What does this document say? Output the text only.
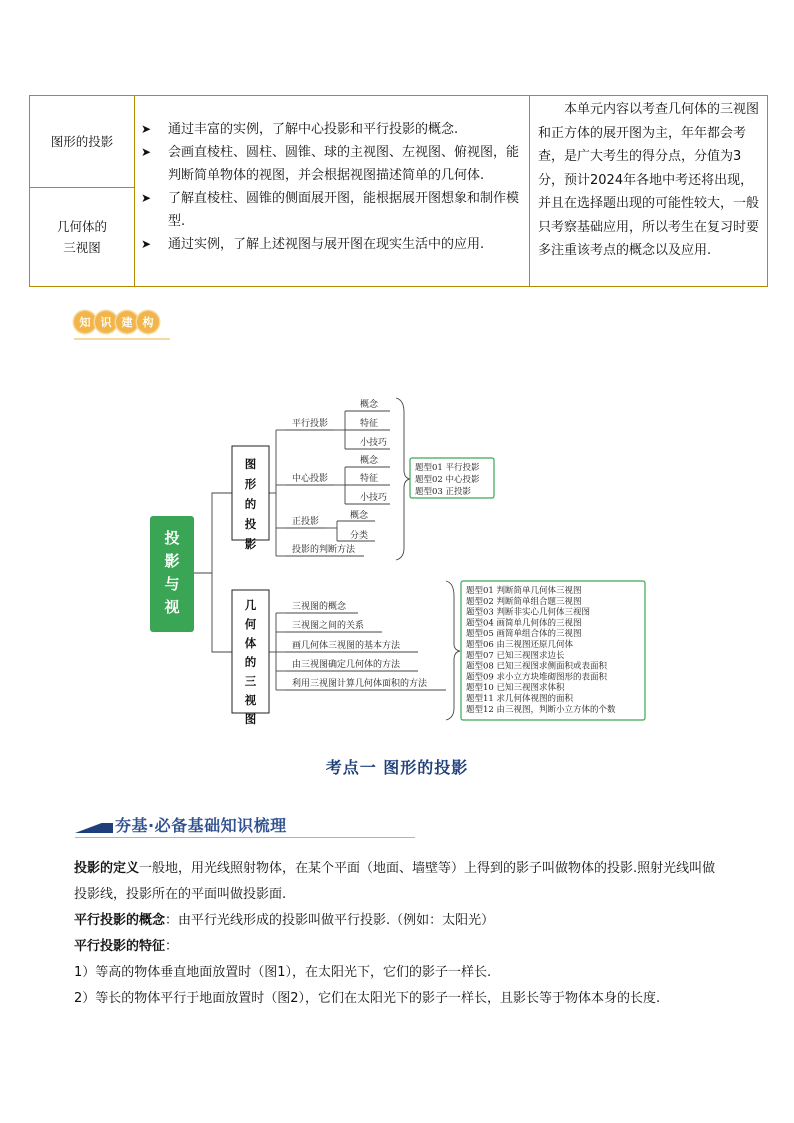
图形的投影
几何体的三视图
➤ 通过丰富的实例，了解中心投影和平行投影的概念.
➤ 会画直棱柱、圆柱、圆锥、球的主视图、左视图、俯视图，能判断简单物体的视图，并会根据视图描述简单的几何体.
➤ 了解直棱柱、圆锥的侧面展开图，能根据展开图想象和制作模型.
➤ 通过实例，了解上述视图与展开图在现实生活中的应用.
本单元内容以考查几何体的三视图和正方体的展开图为主，年年都会考查，是广大考生的得分点，分值为3分，预计2024年各地中考还将出现，并且在选择题出现的可能性较大，一般只考察基础应用，所以考生在复习时要多注重该考点的概念以及应用.
知 识 建 构
投
影
与
视
图
形
的
投
影
几
何
体
的
三
视
图
平行投影
中心投影
正投影
投影的判断方法
概念
特征
小技巧
概念
特征
小技巧
概念
分类
题型01 平行投影
题型02 中心投影
题型03 正投影
三视图的概念
三视图之间的关系
画几何体三视图的基本方法
由三视图确定几何体的方法
利用三视图计算几何体面积的方法
题型01 判断简单几何体三视图
题型02 判断简单组合题三视图
题型03 判断非实心几何体三视图
题型04 画简单几何体的三视图
题型05 画简单组合体的三视图
题型06 由三视图还原几何体
题型07 已知三视图求边长
题型08 已知三视图求侧面积或表面积
题型09 求小立方块堆砌图形的表面积
题型10 已知三视图求体积
题型11 求几何体视图的面积
题型12 由三视图，判断小立方体的个数
考点一 图形的投影
夯基·必备基础知识梳理

投影的定义一般地，用光线照射物体，在某个平面（地面、墙壁等）上得到的影子叫做物体的投影.照射光线叫做投影线，投影所在的平面叫做投影面.

平行投影的概念：由平行光线形成的投影叫做平行投影.（例如：太阳光）

平行投影的特征：

1）等高的物体垂直地面放置时（图1），在太阳光下，它们的影子一样长.

2）等长的物体平行于地面放置时（图2），它们在太阳光下的影子一样长，且影长等于物体本身的长度.
